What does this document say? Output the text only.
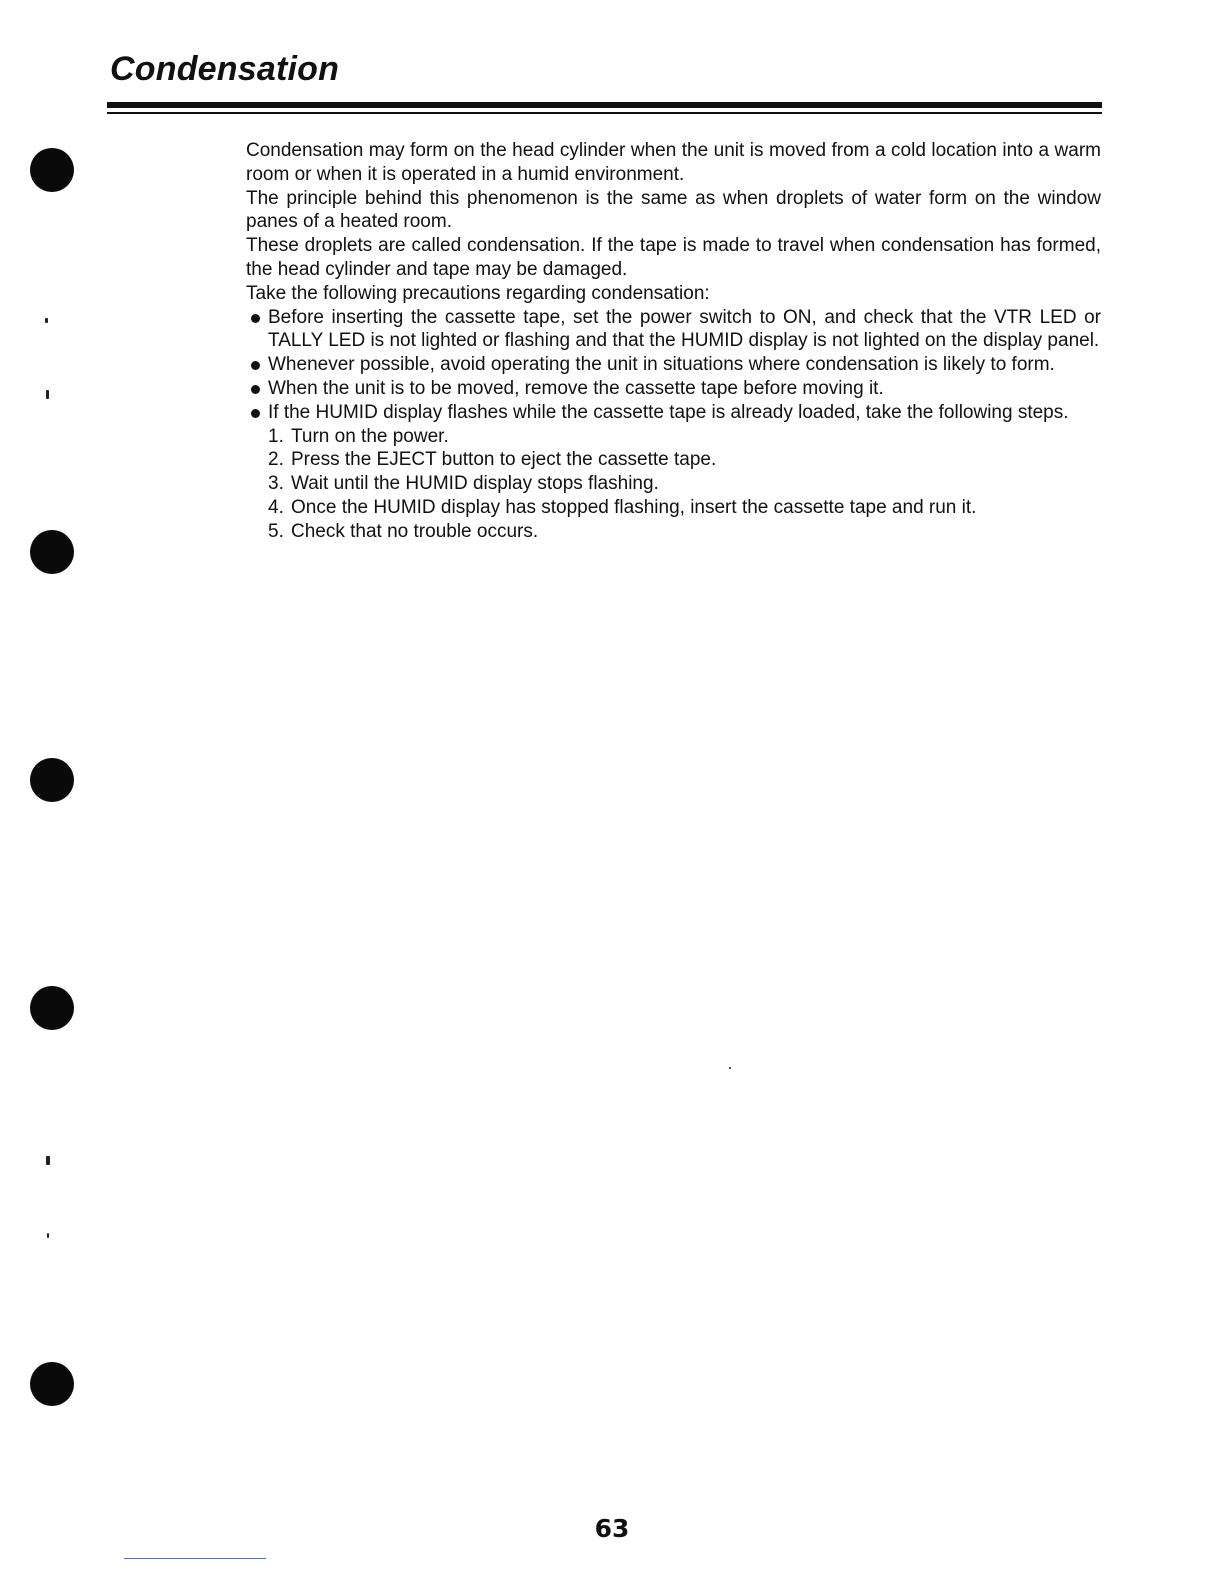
Condensation

Condensation may form on the head cylinder when the unit is moved from a cold location into a warm room or when it is operated in a humid environment.

The principle behind this phenomenon is the same as when droplets of water form on the window panes of a heated room.

These droplets are called condensation. If the tape is made to travel when condensation has formed, the head cylinder and tape may be damaged.

Take the following precautions regarding condensation:

Before inserting the cassette tape, set the power switch to ON, and check that the VTR LED or TALLY LED is not lighted or flashing and that the HUMID display is not lighted on the display panel.
Whenever possible, avoid operating the unit in situations where condensation is likely to form.
When the unit is to be moved, remove the cassette tape before moving it.
If the HUMID display flashes while the cassette tape is already loaded, take the following steps.
1. Turn on the power.
2. Press the EJECT button to eject the cassette tape.
3. Wait until the HUMID display stops flashing.
4. Once the HUMID display has stopped flashing, insert the cassette tape and run it.
5. Check that no trouble occurs.
63
